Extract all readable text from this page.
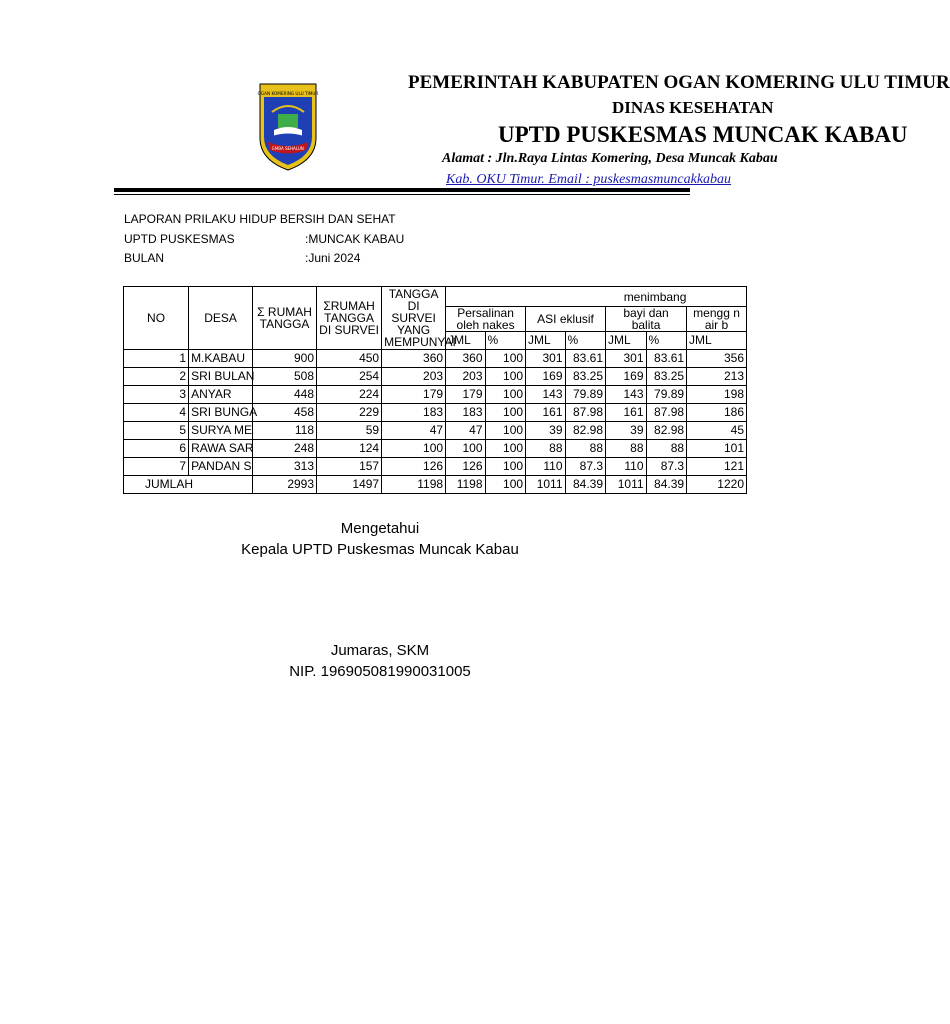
OGAN KOMERING ULU TIMUR
EMBA SEHALUN
PEMERINTAH KABUPATEN OGAN KOMERING ULU TIMUR
DINAS KESEHATAN
UPTD PUSKESMAS MUNCAK KABAU
Alamat : Jln.Raya Lintas Komering, Desa Muncak Kabau
Kab. OKU Timur. Email : puskesmasmuncakkabau
LAPORAN PRILAKU HIDUP BERSIH DAN SEHAT
UPTD PUSKESMAS	:MUNCAK KABAU
BULAN	:Juni 2024
NO	DESA	Σ RUMAH TANGGA	ΣRUMAH TANGGA DI SURVEI	TANGGA DI SURVEI YANG MEMPUNYAI	menimbang						
					Persalinan oleh nakes		ASI eklusif		bayi dan balita		mengg n air b
					JML	%	JML	%	JML	%	JML
1	M.KABAU	900	450	360	360	100	301	83.61	301	83.61	356
2	SRI BULAN	508	254	203	203	100	169	83.25	169	83.25	213
3	ANYAR	448	224	179	179	100	143	79.89	143	79.89	198
4	SRI BUNGA	458	229	183	183	100	161	87.98	161	87.98	186
5	SURYA ME	118	59	47	47	100	39	82.98	39	82.98	45
6	RAWA SAR	248	124	100	100	100	88	88	88	88	101
7	PANDAN S	313	157	126	126	100	110	87.3	110	87.3	121
JUMLAH		2993	1497	1198	1198	100	1011	84.39	1011	84.39	1220
Mengetahui
Kepala UPTD Puskesmas Muncak Kabau
Jumaras, SKM
NIP. 196905081990031005
